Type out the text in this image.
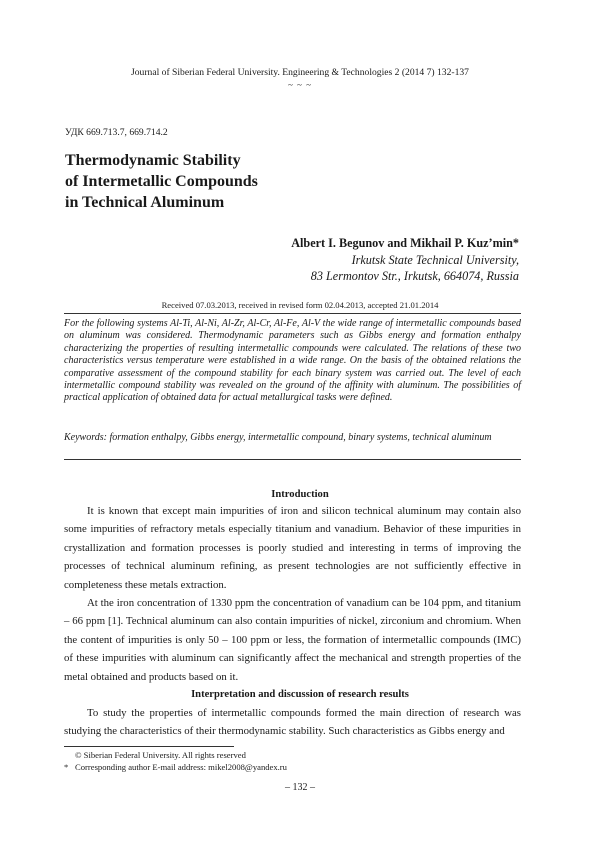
Journal of Siberian Federal University. Engineering & Technologies 2 (2014 7) 132-137
~ ~ ~
УДК 669.713.7, 669.714.2
Thermodynamic Stability
of Intermetallic Compounds
in Technical Aluminum
Albert I. Begunov and Mikhail P. Kuz’min*
Irkutsk State Technical University,
83 Lermontov Str., Irkutsk, 664074, Russia
Received 07.03.2013, received in revised form 02.04.2013, accepted 21.01.2014
For the following systems Al-Ti, Al-Ni, Al-Zr, Al-Cr, Al-Fe, Al-V the wide range of intermetallic compounds based on aluminum was considered. Thermodynamic parameters such as Gibbs energy and formation enthalpy characterizing the properties of resulting intermetallic compounds were calculated. The relations of these two characteristics versus temperature were established in a wide range. On the basis of the obtained relations the comparative assessment of the compound stability for each binary system was carried out. The level of each intermetallic compound stability was revealed on the ground of the affinity with aluminum. The possibilities of practical application of obtained data for actual metallurgical tasks were defined.
Keywords: formation enthalpy, Gibbs energy, intermetallic compound, binary systems, technical aluminum
Introduction
It is known that except main impurities of iron and silicon technical aluminum may contain also some impurities of refractory metals especially titanium and vanadium. Behavior of these impurities in crystallization and formation processes is poorly studied and interesting in terms of improving the processes of technical aluminum refining, as present technologies are not sufficiently effective in completeness these metals extraction.
At the iron concentration of 1330 ppm the concentration of vanadium can be 104 ppm, and titanium – 66 ppm [1]. Technical aluminum can also contain impurities of nickel, zirconium and chromium. When the content of impurities is only 50 – 100 ppm or less, the formation of intermetallic compounds (IMC) of these impurities with aluminum can significantly affect the mechanical and strength properties of the metal obtained and products based on it.
Interpretation and discussion of research results
To study the properties of intermetallic compounds formed the main direction of research was studying the characteristics of their thermodynamic stability. Such characteristics as Gibbs energy and
© Siberian Federal University. All rights reserved
* Corresponding author E-mail address: mikel2008@yandex.ru
– 132 –
